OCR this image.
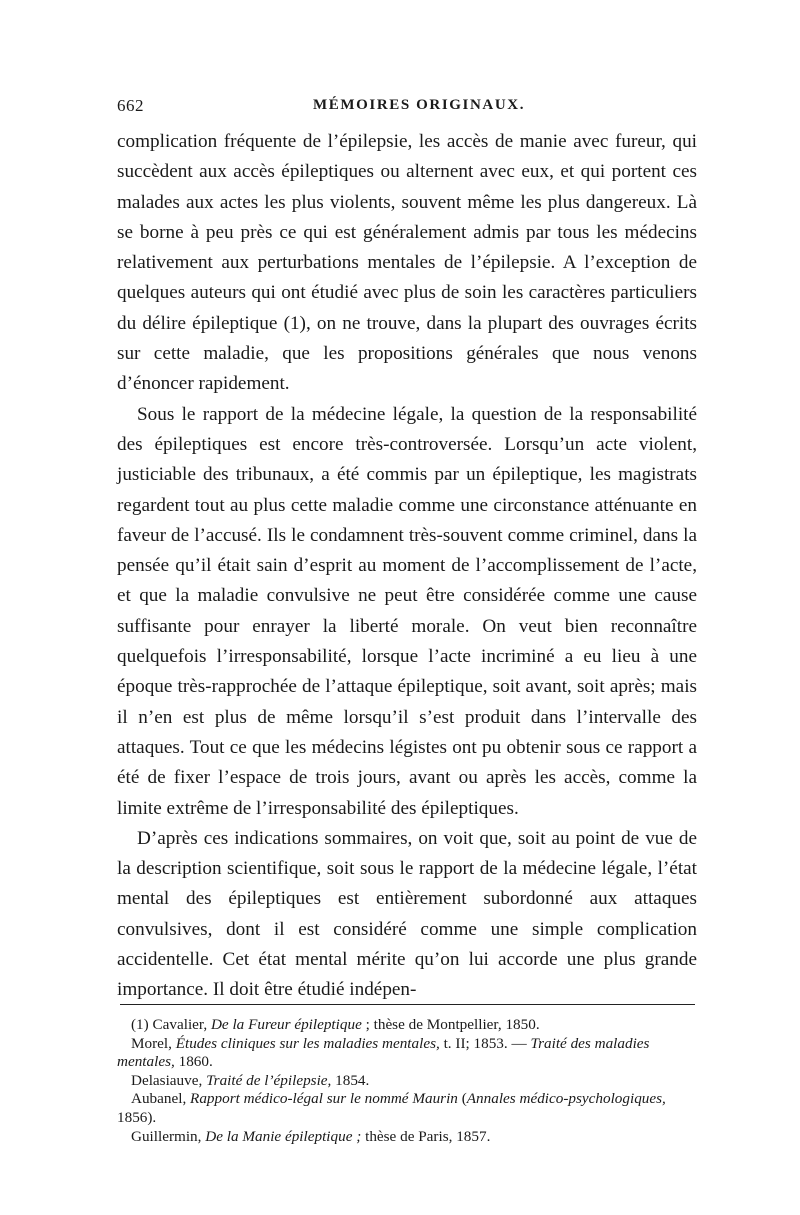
662	MÉMOIRES ORIGINAUX.

complication fréquente de l’épilepsie, les accès de manie avec fureur, qui succèdent aux accès épileptiques ou alternent avec eux, et qui portent ces malades aux actes les plus violents, souvent même les plus dangereux. Là se borne à peu près ce qui est généralement admis par tous les médecins relativement aux perturbations mentales de l’épilepsie. A l’exception de quelques auteurs qui ont étudié avec plus de soin les caractères particuliers du délire épileptique (1), on ne trouve, dans la plupart des ouvrages écrits sur cette maladie, que les propositions générales que nous venons d’énoncer rapidement.

Sous le rapport de la médecine légale, la question de la responsabilité des épileptiques est encore très-controversée. Lorsqu’un acte violent, justiciable des tribunaux, a été commis par un épileptique, les magistrats regardent tout au plus cette maladie comme une circonstance atténuante en faveur de l’accusé. Ils le condamnent très-souvent comme criminel, dans la pensée qu’il était sain d’esprit au moment de l’accomplissement de l’acte, et que la maladie convulsive ne peut être considérée comme une cause suffisante pour enrayer la liberté morale. On veut bien reconnaître quelquefois l’irresponsabilité, lorsque l’acte incriminé a eu lieu à une époque très-rapprochée de l’attaque épileptique, soit avant, soit après; mais il n’en est plus de même lorsqu’il s’est produit dans l’intervalle des attaques. Tout ce que les médecins légistes ont pu obtenir sous ce rapport a été de fixer l’espace de trois jours, avant ou après les accès, comme la limite extrême de l’irresponsabilité des épileptiques.

D’après ces indications sommaires, on voit que, soit au point de vue de la description scientifique, soit sous le rapport de la médecine légale, l’état mental des épileptiques est entièrement subordonné aux attaques convulsives, dont il est considéré comme une simple complication accidentelle. Cet état mental mérite qu’on lui accorde une plus grande importance. Il doit être étudié indépen-

(1) Cavalier, De la Fureur épileptique ; thèse de Montpellier, 1850.

Morel, Études cliniques sur les maladies mentales, t. II; 1853. — Traité des maladies mentales, 1860.

Delasiauve, Traité de l’épilepsie, 1854.

Aubanel, Rapport médico-légal sur le nommé Maurin (Annales médico-psychologiques, 1856).

Guillermin, De la Manie épileptique ; thèse de Paris, 1857.
